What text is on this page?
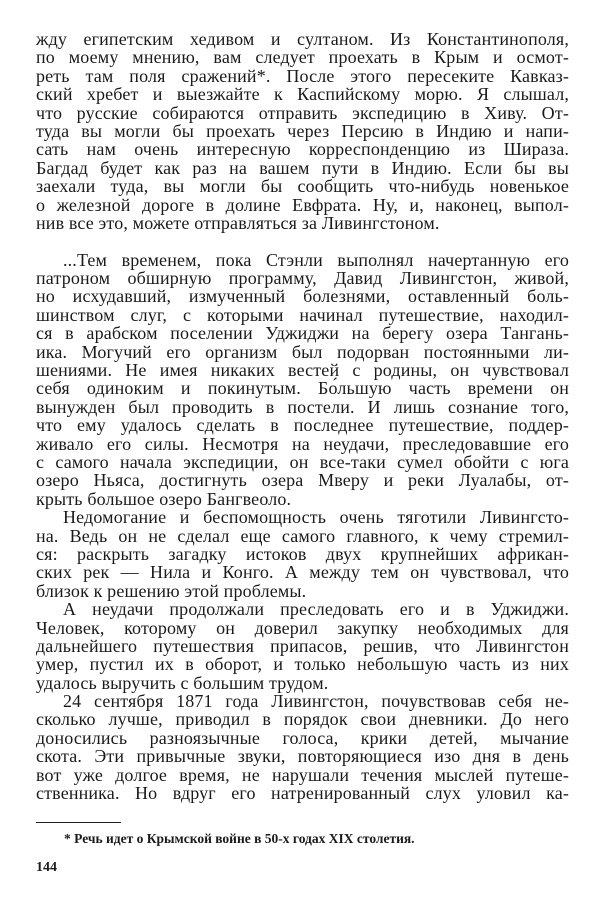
жду египетским хедивом и султаном. Из Константинополя,
по моему мнению, вам следует проехать в Крым и осмот-
реть там поля сражений*. После этого пересеките Кавказ-
ский хребет и выезжайте к Каспийскому морю. Я слышал,
что русские собираются отправить экспедицию в Хиву. От-
туда вы могли бы проехать через Персию в Индию и напи-
сать нам очень интересную корреспонденцию из Шираза.
Багдад будет как раз на вашем пути в Индию. Если бы вы
заехали туда, вы могли бы сообщить что-нибудь новенькое
о железной дороге в долине Евфрата. Ну, и, наконец, выпол-
нив все это, можете отправляться за Ливингстоном.
...Тем временем, пока Стэнли выполнял начертанную его
патроном обширную программу, Давид Ливингстон, живой,
но исхудавший, измученный болезнями, оставленный боль-
шинством слуг, с которыми начинал путешествие, находил-
ся в арабском поселении Уджиджи на берегу озера Тангань-
ика. Могучий его организм был подорван постоянными ли-
шениями. Не имея никаких вестей с родины, он чувствовал
себя одиноким и покинутым. Бо́льшую часть времени он
вынужден был проводить в постели. И лишь сознание того,
что ему удалось сделать в последнее путешествие, поддер-
живало его силы. Несмотря на неудачи, преследовавшие его
с самого начала экспедиции, он все-таки сумел обойти с юга
озеро Ньяса, достигнуть озера Мверу и реки Луалабы, от-
крыть большое озеро Бангвеоло.
Недомогание и беспомощность очень тяготили Ливингсто-
на. Ведь он не сделал еще самого главного, к чему стремил-
ся: раскрыть загадку истоков двух крупнейших африкан-
ских рек — Нила и Конго. А между тем он чувствовал, что
близок к решению этой проблемы.
А неудачи продолжали преследовать его и в Уджиджи.
Человек, которому он доверил закупку необходимых для
дальнейшего путешествия припасов, решив, что Ливингстон
умер, пустил их в оборот, и только небольшую часть из них
удалось выручить с большим трудом.
24 сентября 1871 года Ливингстон, почувствовав себя не-
сколько лучше, приводил в порядок свои дневники. До него
доносились разноязычные голоса, крики детей, мычание
скота. Эти привычные звуки, повторяющиеся изо дня в день
вот уже долгое время, не нарушали течения мыслей путеше-
ственника. Но вдруг его натренированный слух уловил ка-
* Речь идет о Крымской войне в 50-х годах XIX столетия.
144
